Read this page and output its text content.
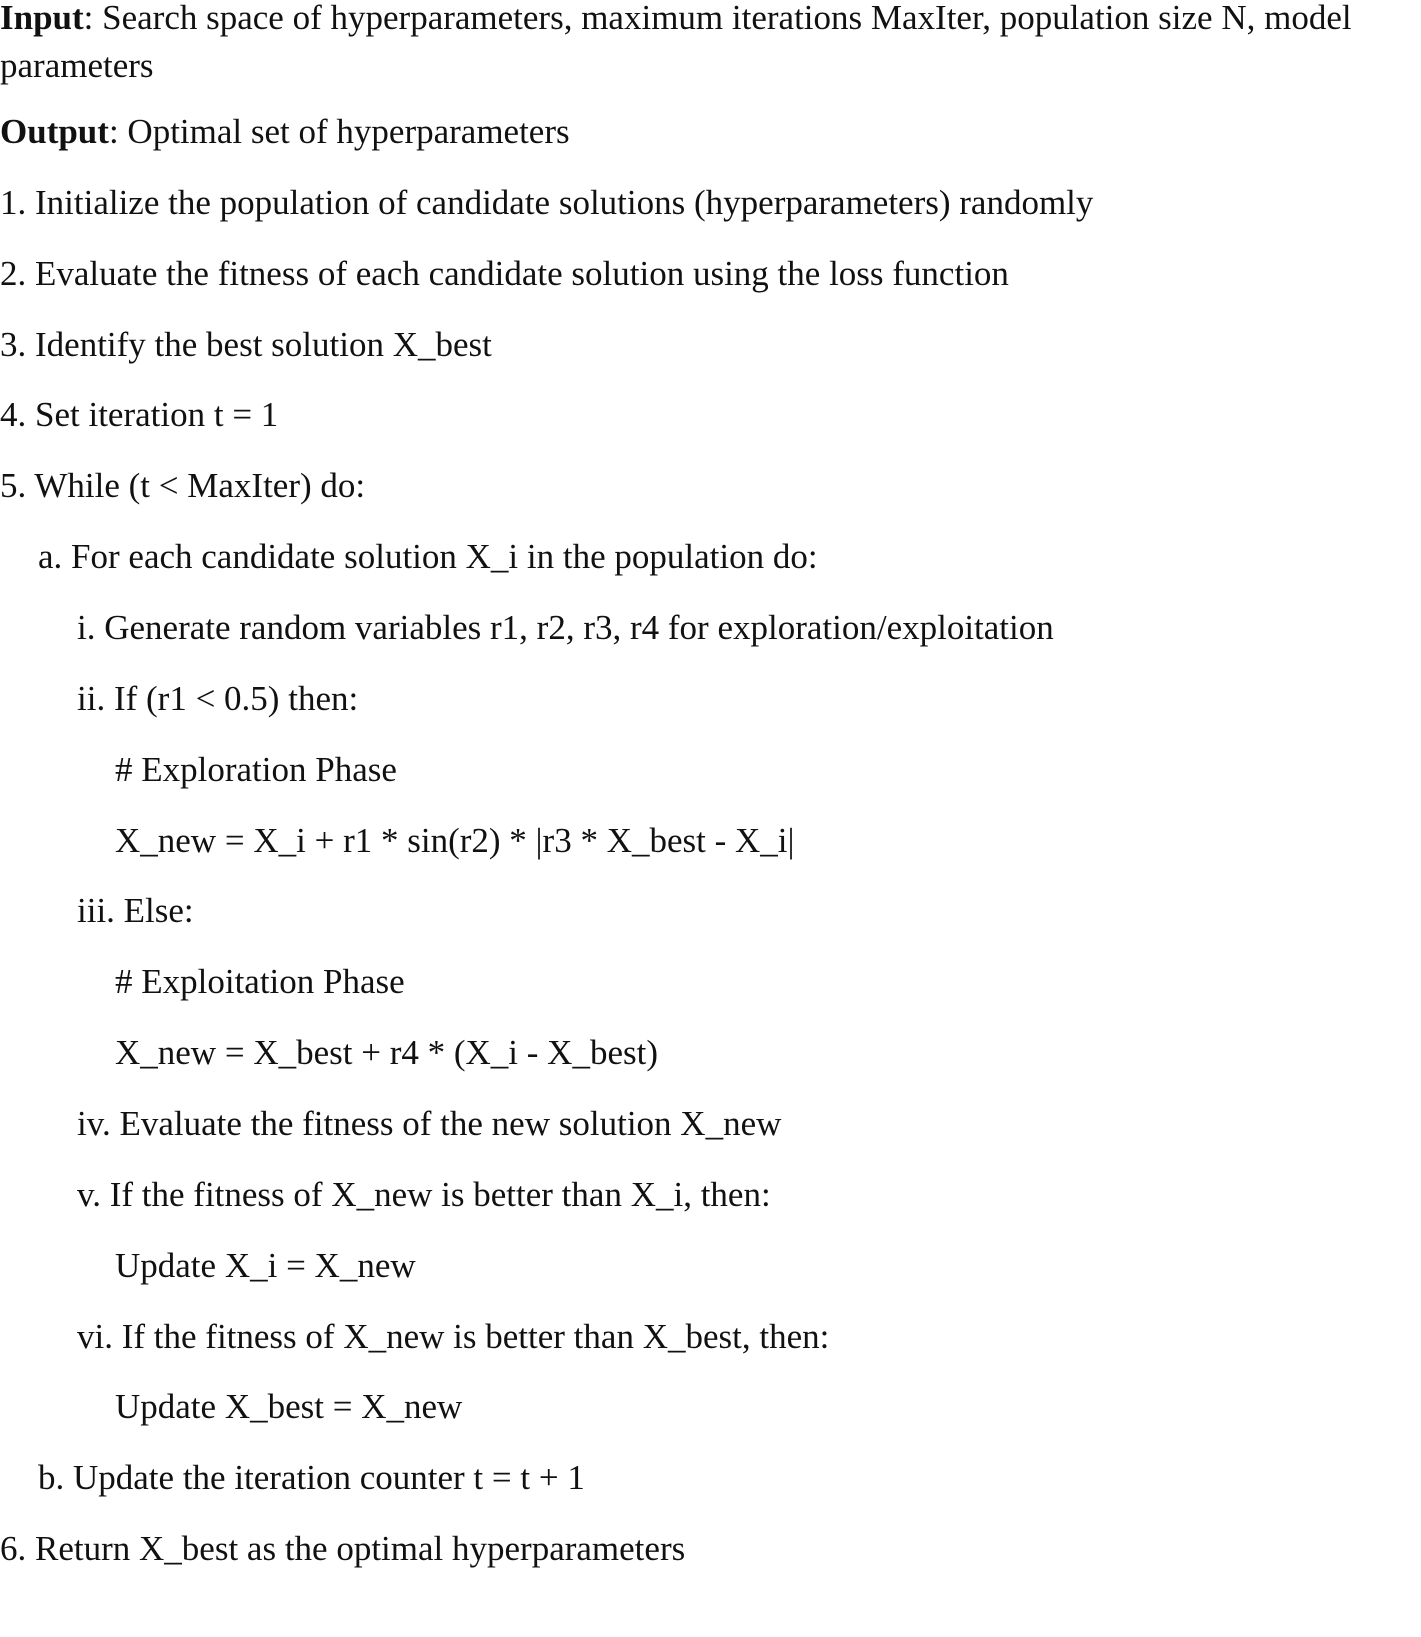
Input: Search space of hyperparameters, maximum iterations MaxIter, population size N, model parameters
Output: Optimal set of hyperparameters
1. Initialize the population of candidate solutions (hyperparameters) randomly
2. Evaluate the fitness of each candidate solution using the loss function
3. Identify the best solution X_best
4. Set iteration t = 1
5. While (t < MaxIter) do:
a. For each candidate solution X_i in the population do:
i. Generate random variables r1, r2, r3, r4 for exploration/exploitation
ii. If (r1 < 0.5) then:
# Exploration Phase
X_new = X_i + r1 * sin(r2) * |r3 * X_best - X_i|
iii. Else:
# Exploitation Phase
X_new = X_best + r4 * (X_i - X_best)
iv. Evaluate the fitness of the new solution X_new
v. If the fitness of X_new is better than X_i, then:
Update X_i = X_new
vi. If the fitness of X_new is better than X_best, then:
Update X_best = X_new
b. Update the iteration counter t = t + 1
6. Return X_best as the optimal hyperparameters
